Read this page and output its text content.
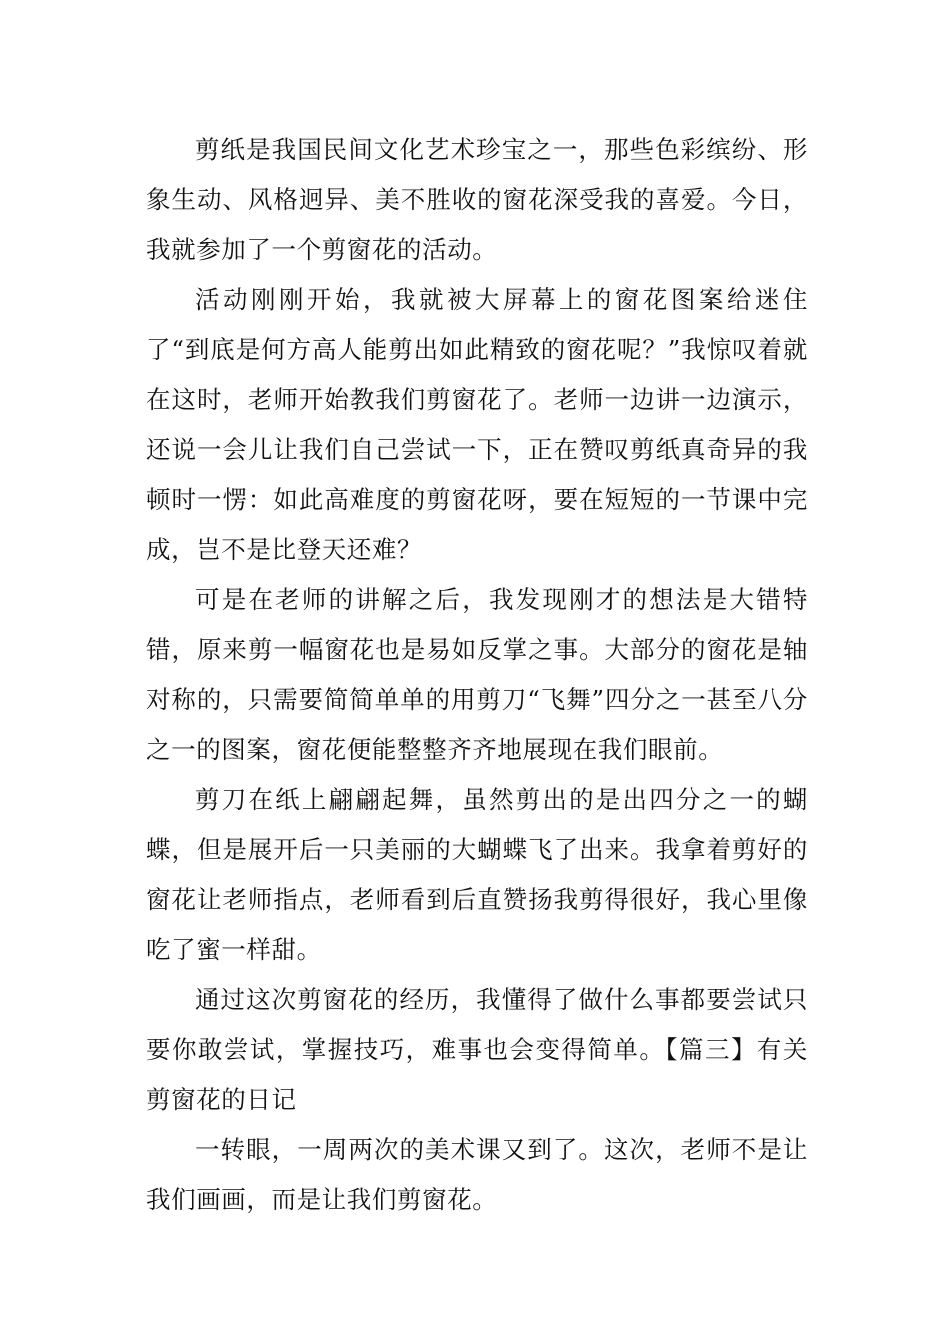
剪纸是我国民间文化艺术珍宝之一，那些色彩缤纷、形象生动、风格迥异、美不胜收的窗花深受我的喜爱。今日，我就参加了一个剪窗花的活动。

活动刚刚开始，我就被大屏幕上的窗花图案给迷住了“到底是何方高人能剪出如此精致的窗花呢？”我惊叹着就在这时，老师开始教我们剪窗花了。老师一边讲一边演示，还说一会儿让我们自己尝试一下，正在赞叹剪纸真奇异的我顿时一愣：如此高难度的剪窗花呀，要在短短的一节课中完成，岂不是比登天还难？

可是在老师的讲解之后，我发现刚才的想法是大错特错，原来剪一幅窗花也是易如反掌之事。大部分的窗花是轴对称的，只需要简简单单的用剪刀“飞舞”四分之一甚至八分之一的图案，窗花便能整整齐齐地展现在我们眼前。

剪刀在纸上翩翩起舞，虽然剪出的是出四分之一的蝴蝶，但是展开后一只美丽的大蝴蝶飞了出来。我拿着剪好的窗花让老师指点，老师看到后直赞扬我剪得很好，我心里像吃了蜜一样甜。

通过这次剪窗花的经历，我懂得了做什么事都要尝试只要你敢尝试，掌握技巧，难事也会变得简单。【篇三】有关剪窗花的日记

一转眼，一周两次的美术课又到了。这次，老师不是让我们画画，而是让我们剪窗花。
